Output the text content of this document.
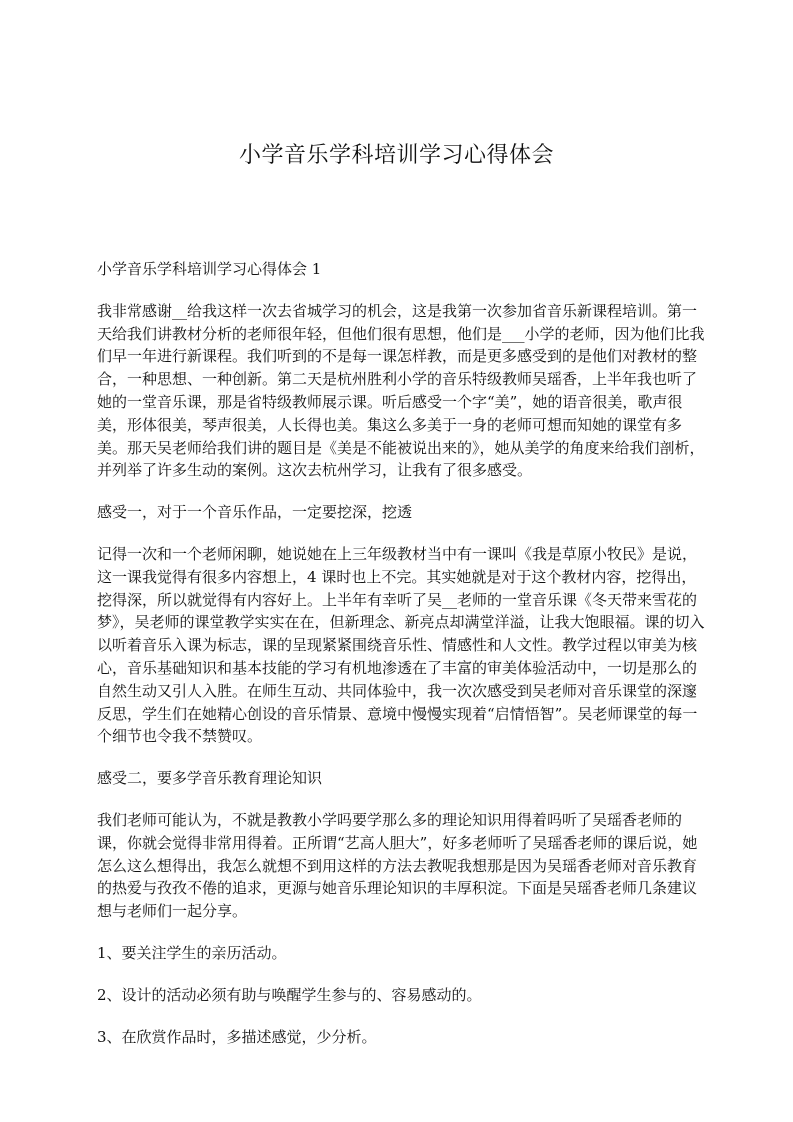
小学音乐学科培训学习心得体会

小学音乐学科培训学习心得体会 1

我非常感谢__给我这样一次去省城学习的机会，这是我第一次参加省音乐新课程培训。第一天给我们讲教材分析的老师很年轻，但他们很有思想，他们是___小学的老师，因为他们比我们早一年进行新课程。我们听到的不是每一课怎样教，而是更多感受到的是他们对教材的整合，一种思想、一种创新。第二天是杭州胜利小学的音乐特级教师吴瑶香，上半年我也听了她的一堂音乐课，那是省特级教师展示课。听后感受一个字“美”，她的语音很美，歌声很美，形体很美，琴声很美，人长得也美。集这么多美于一身的老师可想而知她的课堂有多美。那天吴老师给我们讲的题目是《美是不能被说出来的》，她从美学的角度来给我们剖析，并列举了许多生动的案例。这次去杭州学习，让我有了很多感受。

感受一，对于一个音乐作品，一定要挖深，挖透

记得一次和一个老师闲聊，她说她在上三年级教材当中有一课叫《我是草原小牧民》是说，这一课我觉得有很多内容想上，4 课时也上不完。其实她就是对于这个教材内容，挖得出，挖得深，所以就觉得有内容好上。上半年有幸听了吴__老师的一堂音乐课《冬天带来雪花的梦》，吴老师的课堂教学实实在在，但新理念、新亮点却满堂洋溢，让我大饱眼福。课的切入以听着音乐入课为标志，课的呈现紧紧围绕音乐性、情感性和人文性。教学过程以审美为核心，音乐基础知识和基本技能的学习有机地渗透在了丰富的审美体验活动中，一切是那么的自然生动又引人入胜。在师生互动、共同体验中，我一次次感受到吴老师对音乐课堂的深邃反思，学生们在她精心创设的音乐情景、意境中慢慢实现着“启情悟智”。吴老师课堂的每一个细节也令我不禁赞叹。

感受二，要多学音乐教育理论知识

我们老师可能认为，不就是教教小学吗要学那么多的理论知识用得着吗听了吴瑶香老师的课，你就会觉得非常用得着。正所谓“艺高人胆大”，好多老师听了吴瑶香老师的课后说，她怎么这么想得出，我怎么就想不到用这样的方法去教呢我想那是因为吴瑶香老师对音乐教育的热爱与孜孜不倦的追求，更源与她音乐理论知识的丰厚积淀。下面是吴瑶香老师几条建议想与老师们一起分享。

1、要关注学生的亲历活动。

2、设计的活动必须有助与唤醒学生参与的、容易感动的。

3、在欣赏作品时，多描述感觉，少分析。
